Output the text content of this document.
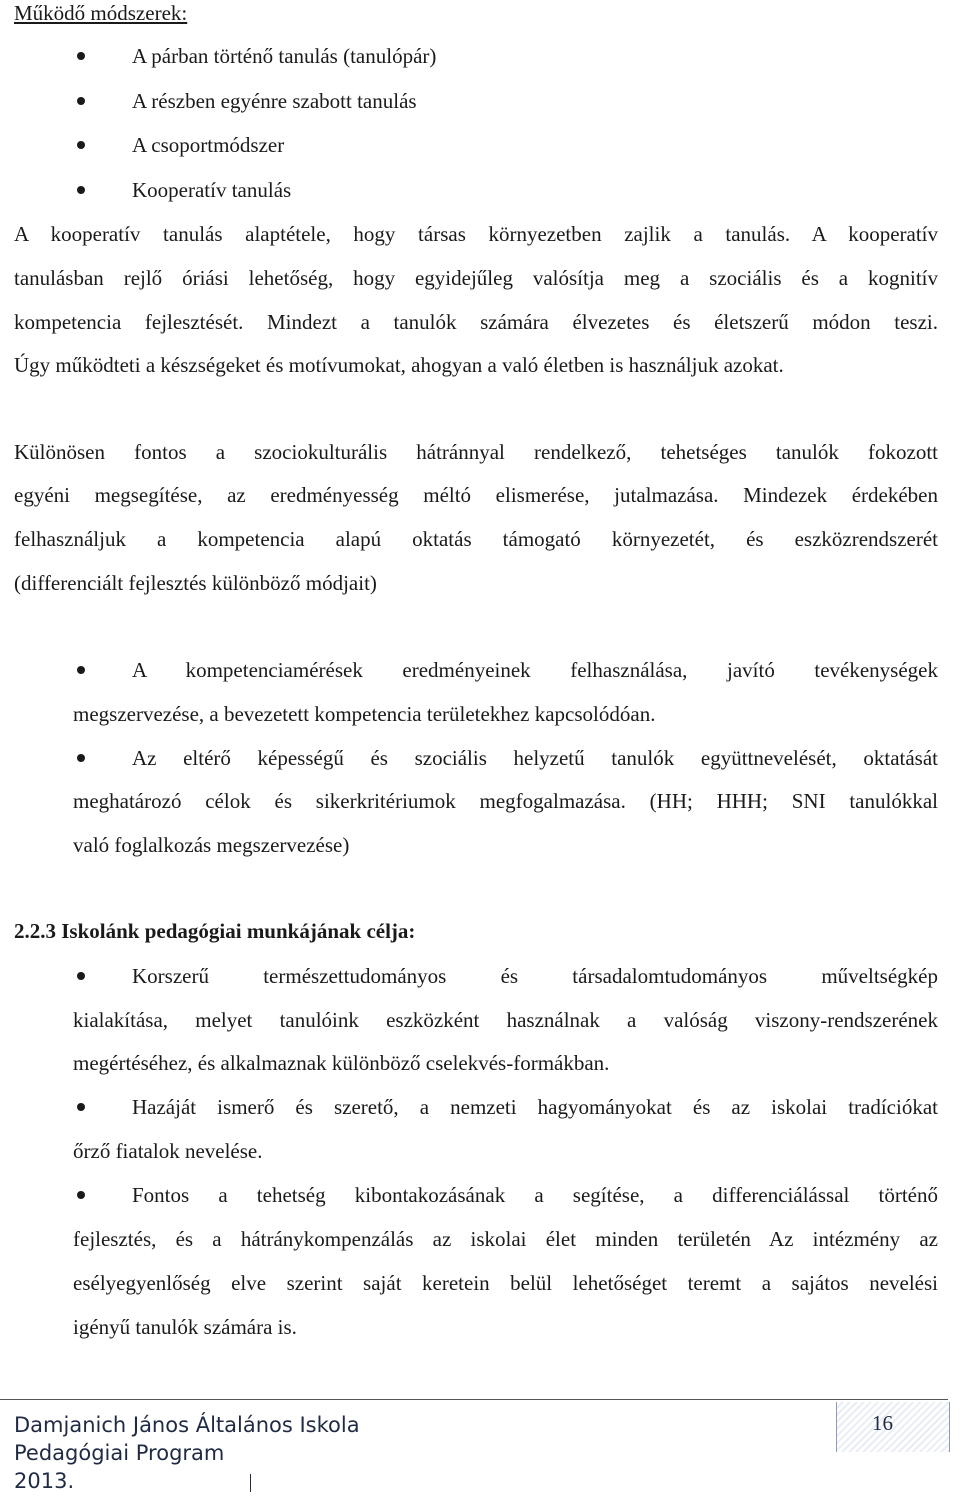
Működő módszerek:
A párban történő tanulás (tanulópár)
A részben egyénre szabott tanulás
A csoportmódszer
Kooperatív tanulás
A kooperatív tanulás alaptétele, hogy társas környezetben zajlik a tanulás. A kooperatív
tanulásban rejlő óriási lehetőség, hogy egyidejűleg valósítja meg a szociális és a kognitív
kompetencia fejlesztését. Mindezt a tanulók számára élvezetes és életszerű módon teszi.
Úgy működteti a készségeket és motívumokat, ahogyan a való életben is használjuk azokat.
Különösen fontos a szociokulturális hátránnyal rendelkező, tehetséges tanulók fokozott
egyéni megsegítése, az eredményesség méltó elismerése, jutalmazása. Mindezek érdekében
felhasználjuk a kompetencia alapú oktatás támogató környezetét, és eszközrendszerét
(differenciált fejlesztés különböző módjait)
A kompetenciamérések eredményeinek felhasználása, javító tevékenységek
megszervezése, a bevezetett kompetencia területekhez kapcsolódóan.
Az eltérő képességű és szociális helyzetű tanulók együttnevelését, oktatását
meghatározó célok és sikerkritériumok megfogalmazása. (HH; HHH; SNI tanulókkal
való foglalkozás megszervezése)
2.2.3 Iskolánk pedagógiai munkájának célja:
Korszerű természettudományos és társadalomtudományos műveltségkép
kialakítása, melyet tanulóink eszközként használnak a valóság viszony-rendszerének
megértéséhez, és alkalmaznak különböző cselekvés-formákban.
Hazáját ismerő és szerető, a nemzeti hagyományokat és az iskolai tradíciókat
őrző fiatalok nevelése.
Fontos a tehetség kibontakozásának a segítése, a differenciálással történő
fejlesztés, és a hátránykompenzálás az iskolai élet minden területén Az intézmény az
esélyegyenlőség elve szerint saját keretein belül lehetőséget teremt a sajátos nevelési
igényű tanulók számára is.
16
Damjanich János Általános Iskola
Pedagógiai Program
2013.
